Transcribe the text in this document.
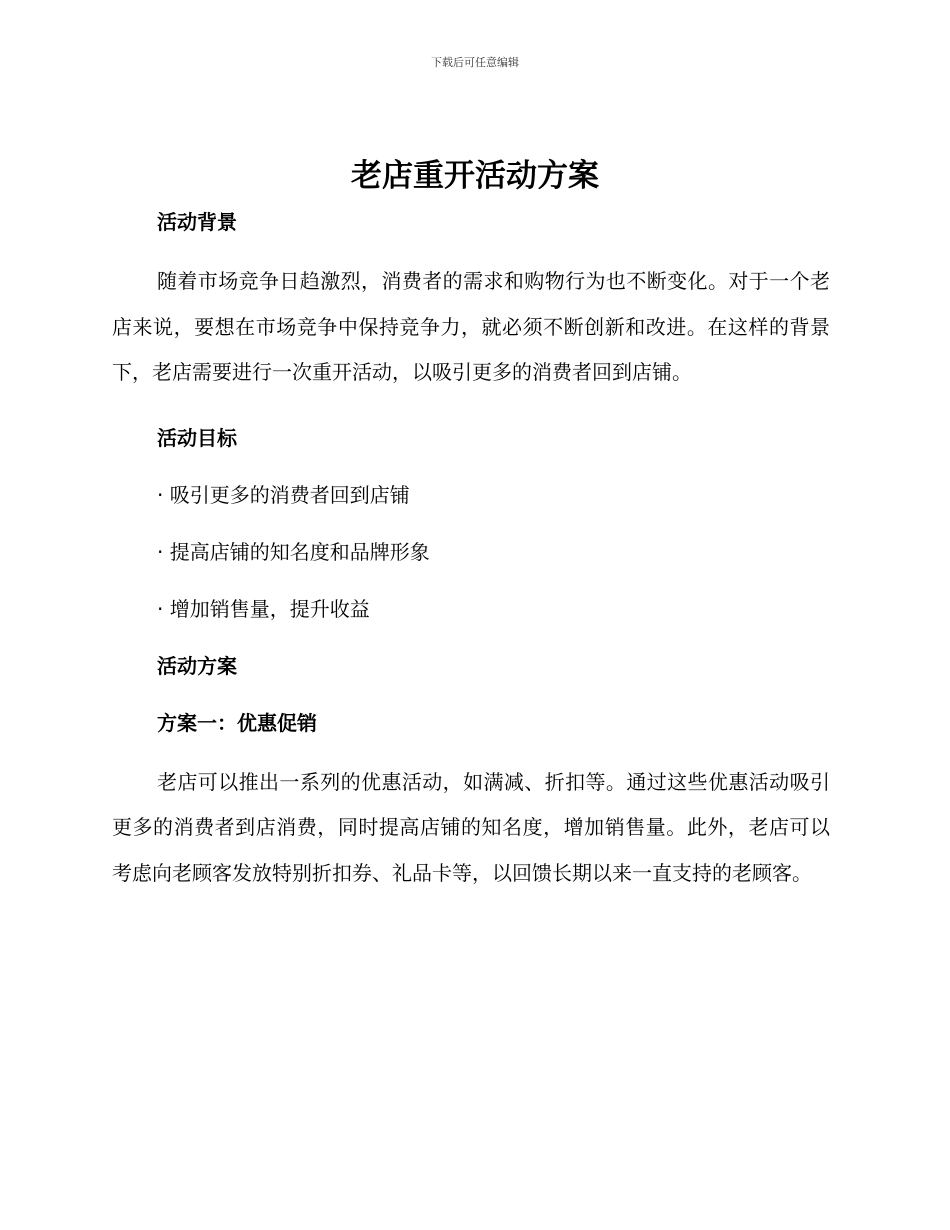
下载后可任意编辑
老店重开活动方案

活动背景

随着市场竞争日趋激烈，消费者的需求和购物行为也不断变化。对于一个老店来说，要想在市场竞争中保持竞争力，就必须不断创新和改进。在这样的背景下，老店需要进行一次重开活动，以吸引更多的消费者回到店铺。

活动目标

· 吸引更多的消费者回到店铺

· 提高店铺的知名度和品牌形象

· 增加销售量，提升收益

活动方案

方案一：优惠促销

老店可以推出一系列的优惠活动，如满减、折扣等。通过这些优惠活动吸引更多的消费者到店消费，同时提高店铺的知名度，增加销售量。此外，老店可以考虑向老顾客发放特别折扣券、礼品卡等，以回馈长期以来一直支持的老顾客。
